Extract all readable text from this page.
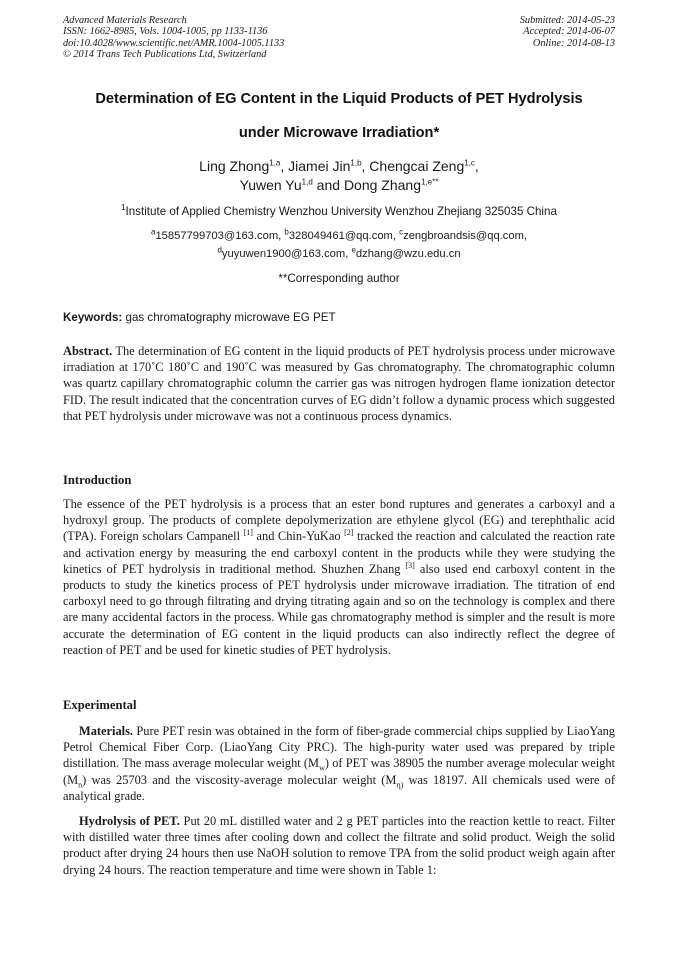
Advanced Materials Research
ISSN: 1662-8985, Vols. 1004-1005, pp 1133-1136
doi:10.4028/www.scientific.net/AMR.1004-1005.1133
© 2014 Trans Tech Publications Ltd, Switzerland
Submitted: 2014-05-23
Accepted: 2014-06-07
Online: 2014-08-13
Determination of EG Content in the Liquid Products of PET Hydrolysis
under Microwave Irradiation*
Ling Zhong$^{1,a}$, Jiamei Jin$^{1,b}$, Chengcai Zeng$^{1,c}$,
Yuwen Yu$^{1,d}$ and Dong Zhang$^{1,e**}$
$^1$Institute of Applied Chemistry Wenzhou University Wenzhou Zhejiang 325035 China
$^a$15857799703@163.com, $^b$328049461@qq.com, $^c$zengbroandsis@qq.com,
$^d$yuyuwen1900@163.com, $^e$dzhang@wzu.edu.cn
**Corresponding author
Keywords: gas chromatography microwave EG PET

Abstract. The determination of EG content in the liquid products of PET hydrolysis process under microwave irradiation at 170˚C 180˚C and 190˚C was measured by Gas chromatography. The chromatographic column was quartz capillary chromatographic column the carrier gas was nitrogen hydrogen flame ionization detector FID. The result indicated that the concentration curves of EG didn’t follow a dynamic process which suggested that PET hydrolysis under microwave was not a continuous process dynamics.

Introduction

The essence of the PET hydrolysis is a process that an ester bond ruptures and generates a carboxyl and a hydroxyl group. The products of complete depolymerization are ethylene glycol (EG) and terephthalic acid (TPA). Foreign scholars Campanell [1] and Chin-YuKao [2] tracked the reaction and calculated the reaction rate and activation energy by measuring the end carboxyl content in the products while they were studying the kinetics of PET hydrolysis in traditional method. Shuzhen Zhang [3] also used end carboxyl content in the products to study the kinetics process of PET hydrolysis under microwave irradiation. The titration of end carboxyl need to go through filtrating and drying titrating again and so on the technology is complex and there are many accidental factors in the process. While gas chromatography method is simpler and the result is more accurate the determination of EG content in the liquid products can also indirectly reflect the degree of reaction of PET and be used for kinetic studies of PET hydrolysis.

Experimental

Materials. Pure PET resin was obtained in the form of fiber-grade commercial chips supplied by LiaoYang Petrol Chemical Fiber Corp. (LiaoYang City PRC). The high-purity water used was prepared by triple distillation. The mass average molecular weight $(M_w)$ of PET was 38905 the number average molecular weight $(M_n)$ was 25703 and the viscosity-average molecular weight ($M_{\eta)}$ was 18197. All chemicals used were of analytical grade.

Hydrolysis of PET. Put 20 mL distilled water and 2 g PET particles into the reaction kettle to react. Filter with distilled water three times after cooling down and collect the filtrate and solid product. Weigh the solid product after drying 24 hours then use NaOH solution to remove TPA from the solid product weigh again after drying 24 hours. The reaction temperature and time were shown in Table 1:
